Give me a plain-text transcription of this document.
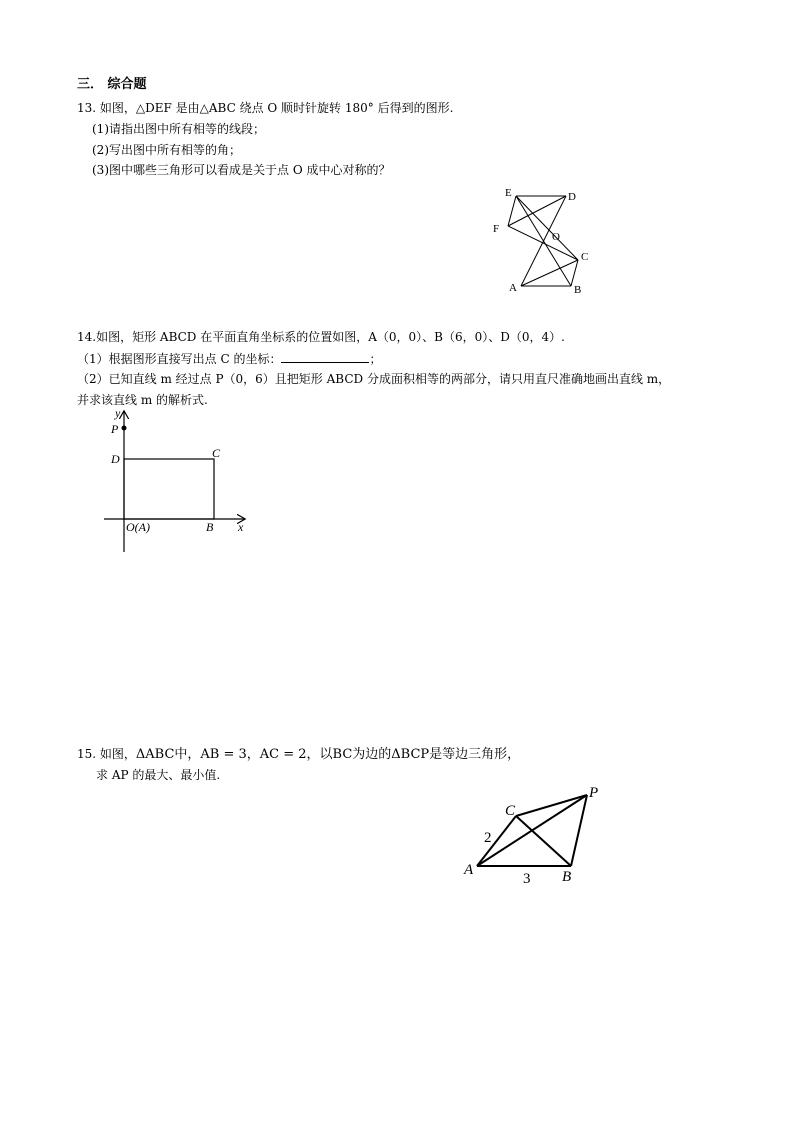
三． 综合题
13. 如图，△DEF 是由△ABC 绕点 O 顺时针旋转 180° 后得到的图形.
(1)请指出图中所有相等的线段；
(2)写出图中所有相等的角；
(3)图中哪些三角形可以看成是关于点 O 成中心对称的？
E	D
F
O
C
A	B
14.如图，矩形 ABCD 在平面直角坐标系的位置如图，A（0，0）、B（6，0）、D（0，4）.
（1）根据图形直接写出点 C 的坐标：	；
（2）已知直线 m 经过点 P（0，6）且把矩形 ABCD 分成面积相等的两部分，请只用直尺准确地画出直线 m，
并求该直线 m 的解析式.
y
x
P
D	C
B
O(A)
15. 如图，ΔABC中，AB = 3，AC = 2，以BC为边的ΔBCP是等边三角形，
求 AP 的最大、最小值.
C
P
A	B
2
3
